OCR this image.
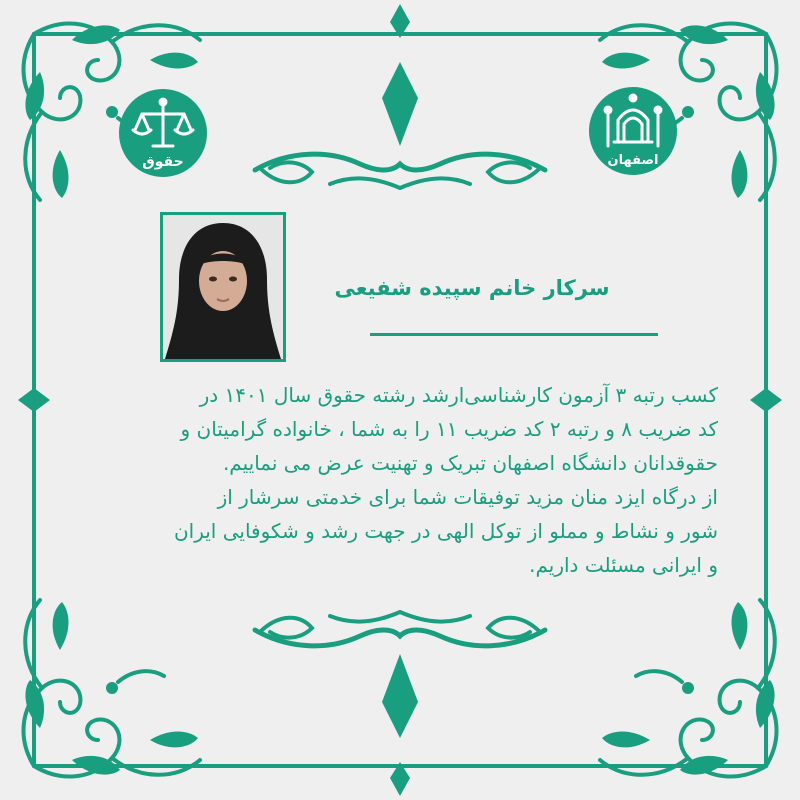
حقوق	اصفهان
سرکار خانم سپیده شفیعی
کسب رتبه ۳ آزمون کارشناسی‌ارشد رشته حقوق سال ۱۴۰۱ در
کد ضریب ۸ و رتبه ۲ کد ضریب ۱۱ را به شما ، خانواده گرامیتان و
حقوقدانان دانشگاه اصفهان تبریک و تهنیت عرض می نماییم.
از درگاه ایزد منان مزید توفیقات شما برای خدمتی سرشار از
شور و نشاط و مملو از توکل الهی در جهت رشد و شکوفایی ایران
و ایرانی مسئلت داریم.
